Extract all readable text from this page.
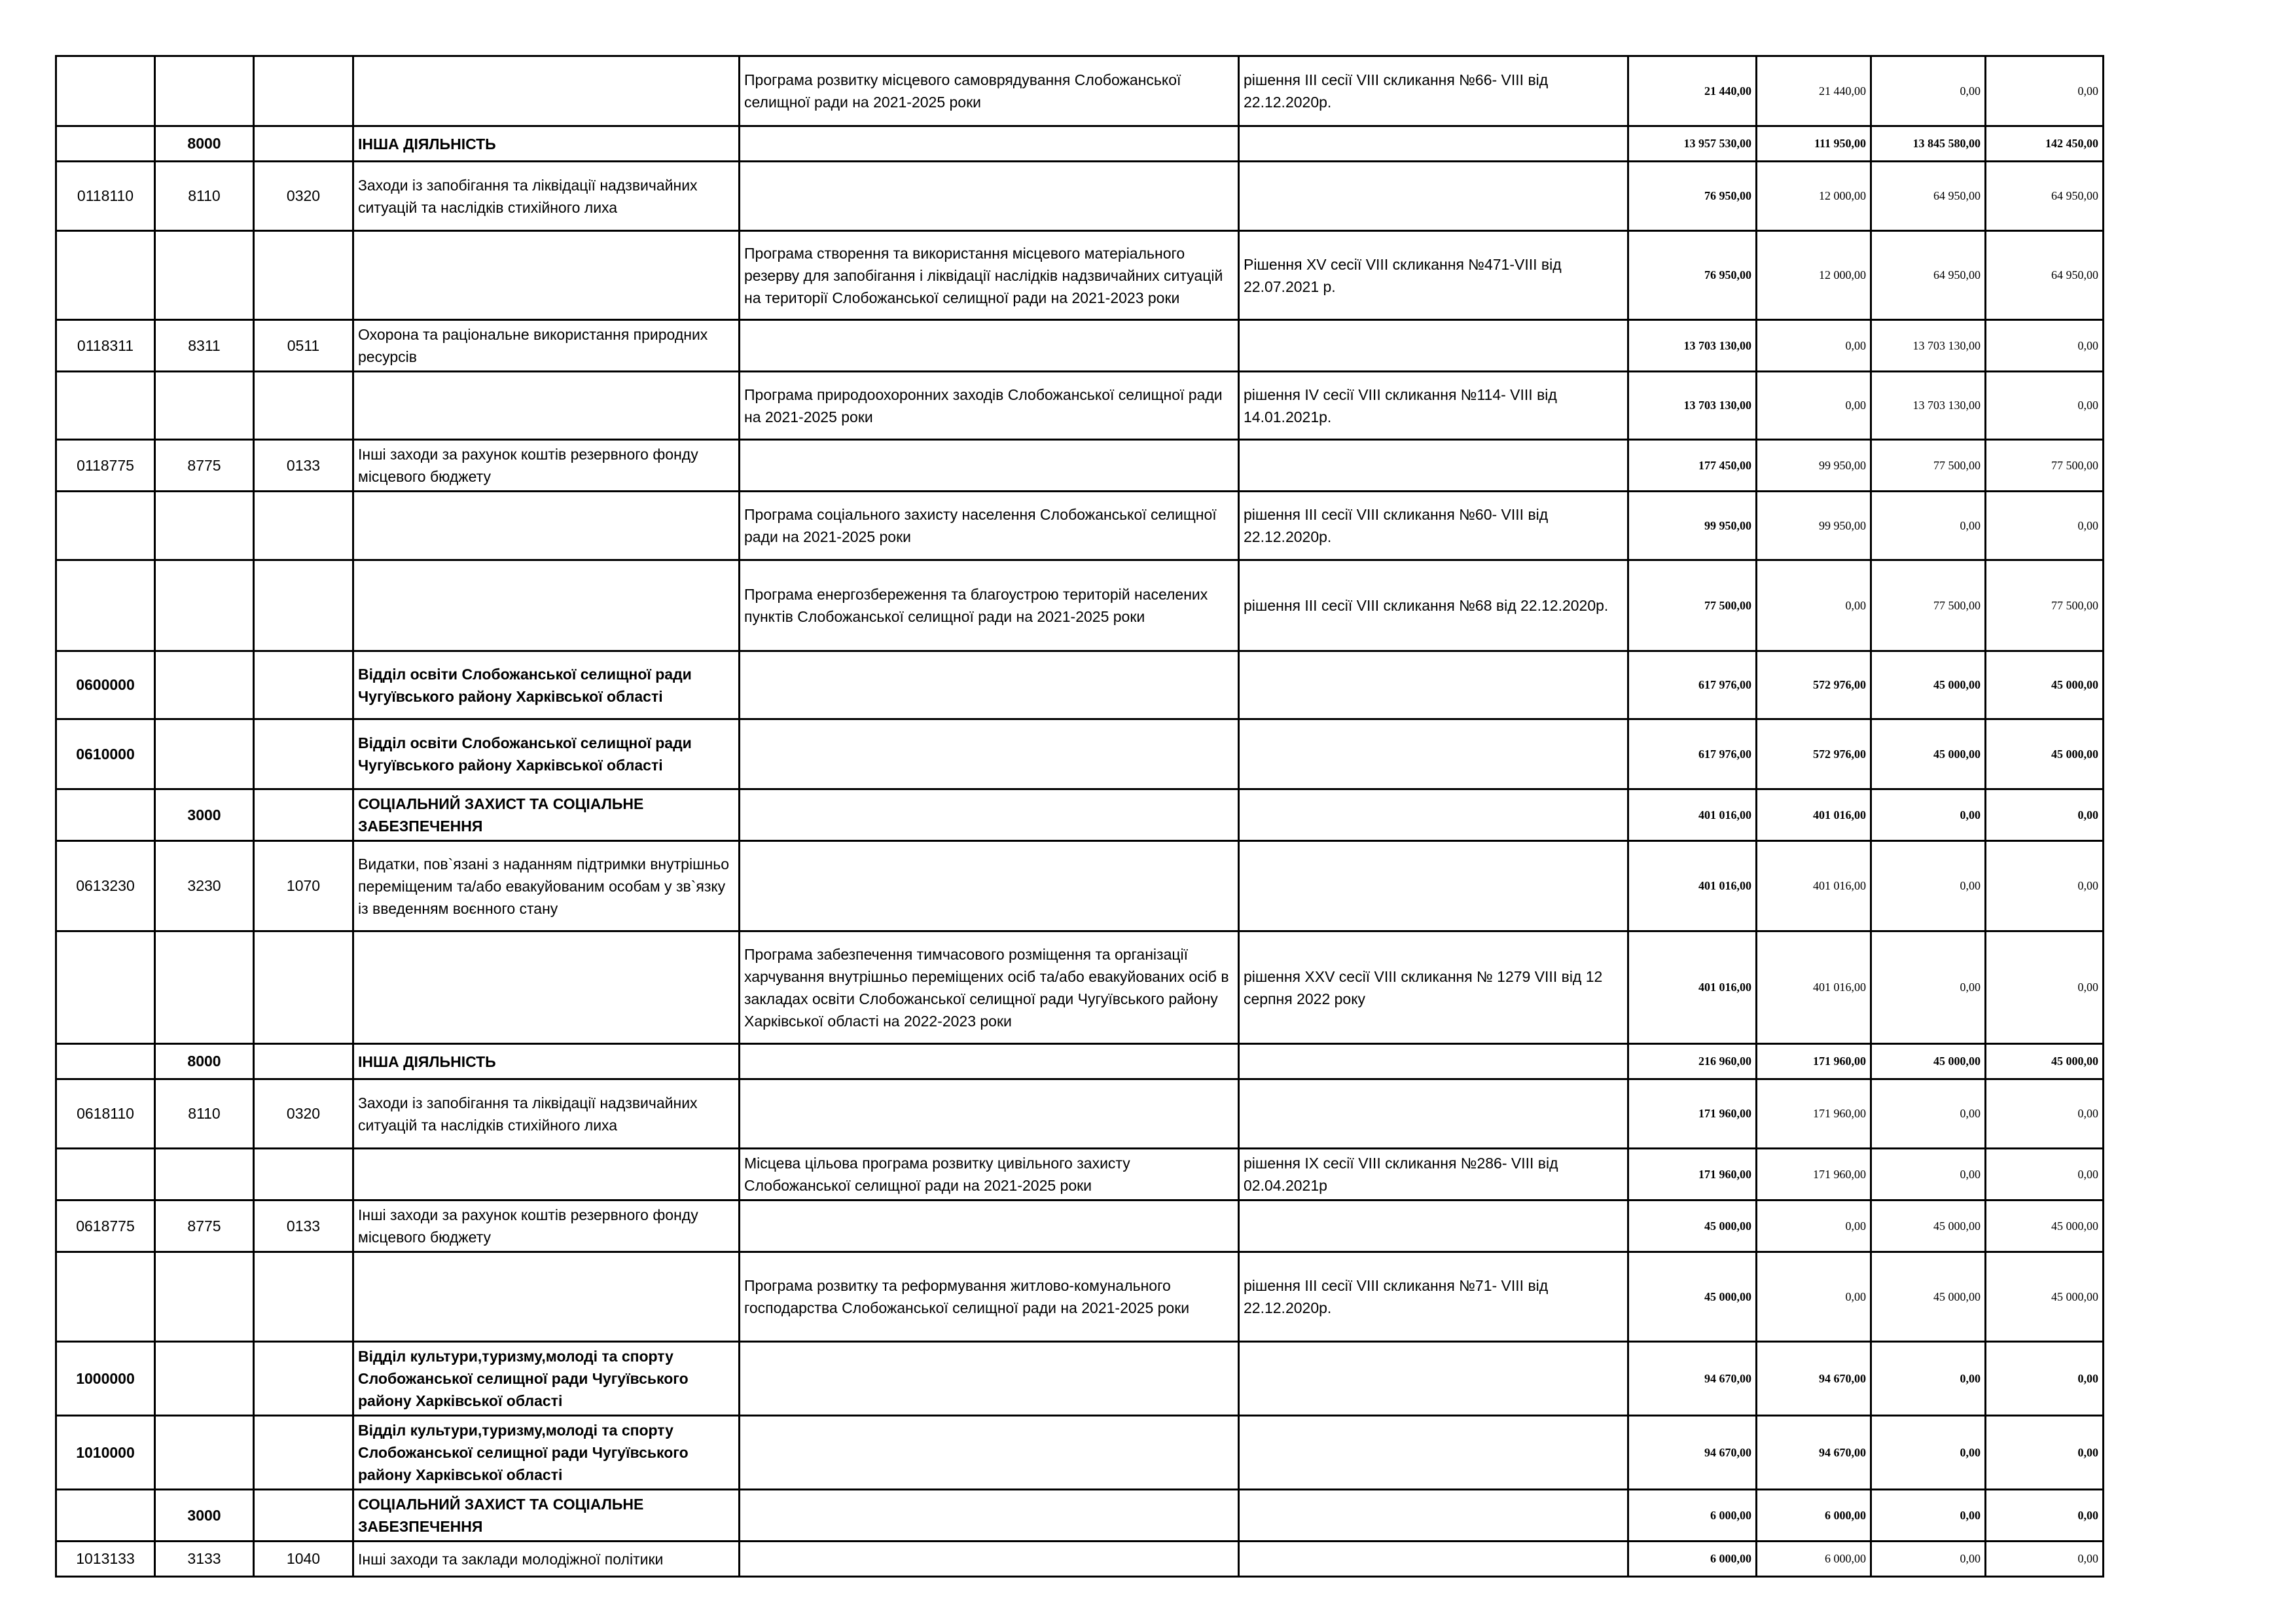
				Програма розвитку місцевого самоврядування Слобожанської селищної ради на 2021-2025 роки	рішення ІІІ сесії VІІІ скликання №66- VІІІ від 22.12.2020р.	21 440,00	21 440,00	0,00	0,00
	8000		ІНША ДІЯЛЬНІСТЬ			13 957 530,00	111 950,00	13 845 580,00	142 450,00
0118110	8110	0320	Заходи із запобігання та ліквідації надзвичайних ситуацій та наслідків стихійного лиха			76 950,00	12 000,00	64 950,00	64 950,00
				Програма створення та використання місцевого матеріального резерву для запобігання і ліквідації наслідків надзвичайних ситуацій на території Слобожанської селищної ради на 2021-2023 роки	Рішення XV сесії VIII скликання №471-VIII від 22.07.2021 р.	76 950,00	12 000,00	64 950,00	64 950,00
0118311	8311	0511	Охорона та раціональне використання природних ресурсів			13 703 130,00	0,00	13 703 130,00	0,00
				Програма природоохоронних заходів Слобожанської селищної ради на 2021-2025 роки	рішення IV сесії VІІІ скликання №114- VІІІ від 14.01.2021р.	13 703 130,00	0,00	13 703 130,00	0,00
0118775	8775	0133	Інші заходи за рахунок коштів резервного фонду місцевого бюджету			177 450,00	99 950,00	77 500,00	77 500,00
				Програма соціального захисту населення Слобожанської селищної ради на 2021-2025 роки	рішення ІІІ сесії VІІІ скликання №60- VІІІ від 22.12.2020р.	99 950,00	99 950,00	0,00	0,00
				Програма енергозбереження та благоустрою територій населених пунктів Слобожанської селищної ради на 2021-2025 роки	рішення ІІІ сесії VІІІ скликання №68 від 22.12.2020р.	77 500,00	0,00	77 500,00	77 500,00
0600000			Відділ освіти Слобожанської селищної ради Чугуївського району Харківської області			617 976,00	572 976,00	45 000,00	45 000,00
0610000			Відділ освіти Слобожанської селищної ради Чугуївського району Харківської області			617 976,00	572 976,00	45 000,00	45 000,00
	3000		СОЦІАЛЬНИЙ ЗАХИСТ ТА СОЦІАЛЬНЕ ЗАБЕЗПЕЧЕННЯ			401 016,00	401 016,00	0,00	0,00
0613230	3230	1070	Видатки, пов`язані з наданням підтримки внутрішньо переміщеним та/або евакуйованим особам у зв`язку із введенням воєнного стану			401 016,00	401 016,00	0,00	0,00
				Програма забезпечення тимчасового розміщення та організації харчування внутрішньо переміщених осіб та/або евакуйованих осіб в закладах освіти Слобожанської селищної ради Чугуївського району Харківської області на 2022-2023 роки	рішення XXV сесії VІІІ скликання № 1279 VІІІ від 12 серпня 2022 року	401 016,00	401 016,00	0,00	0,00
	8000		ІНША ДІЯЛЬНІСТЬ			216 960,00	171 960,00	45 000,00	45 000,00
0618110	8110	0320	Заходи із запобігання та ліквідації надзвичайних ситуацій та наслідків стихійного лиха			171 960,00	171 960,00	0,00	0,00
				Місцева цільова програма розвитку цивільного захисту Слобожанської селищної ради на 2021-2025 роки	рішення ІX сесії VІІІ скликання №286- VІІІ від 02.04.2021р	171 960,00	171 960,00	0,00	0,00
0618775	8775	0133	Інші заходи за рахунок коштів резервного фонду місцевого бюджету			45 000,00	0,00	45 000,00	45 000,00
				Програма розвитку та реформування житлово-комунального господарства Слобожанської селищної ради на 2021-2025 роки	рішення ІІІ сесії VІІІ скликання №71- VІІІ від 22.12.2020р.	45 000,00	0,00	45 000,00	45 000,00
1000000			Відділ культури,туризму,молоді та спорту Слобожанської селищної ради Чугуївського району Харківської області			94 670,00	94 670,00	0,00	0,00
1010000			Відділ культури,туризму,молоді та спорту Слобожанської селищної ради Чугуївського району Харківської області			94 670,00	94 670,00	0,00	0,00
	3000		СОЦІАЛЬНИЙ ЗАХИСТ ТА СОЦІАЛЬНЕ ЗАБЕЗПЕЧЕННЯ			6 000,00	6 000,00	0,00	0,00
1013133	3133	1040	Інші заходи та заклади молодіжної політики			6 000,00	6 000,00	0,00	0,00
